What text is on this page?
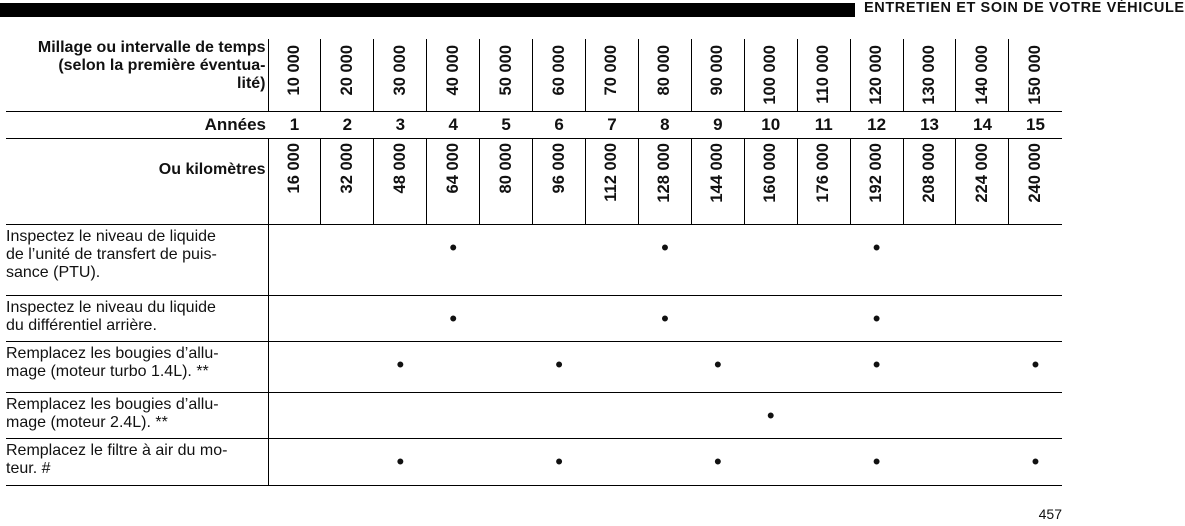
ENTRETIEN ET SOIN DE VOTRE VÉHICULE
Millage ou intervalle de temps
(selon la première éventua-
lité)	10 000	20 000	30 000	40 000	50 000	60 000	70 000	80 000	90 000	100 000	110 000	120 000	130 000	140 000	150 000
Années	1	2	3	4	5	6	7	8	9	10	11	12	13	14	15
Ou kilomètres	16 000	32 000	48 000	64 000	80 000	96 000	112 000	128 000	144 000	160 000	176 000	192 000	208 000	224 000	240 000

Inspectez le niveau de liquide
de l’unité de transfert de puis-
sance (PTU).				•				•				•			

Inspectez le niveau du liquide
du différentiel arrière.				•				•				•			

Remplacez les bougies d’allu-
mage (moteur turbo 1.4L). **			•			•			•			•			•

Remplacez les bougies d’allu-
mage (moteur 2.4L). **										•					

Remplacez le filtre à air du mo-
teur. #			•			•			•			•			•
457
